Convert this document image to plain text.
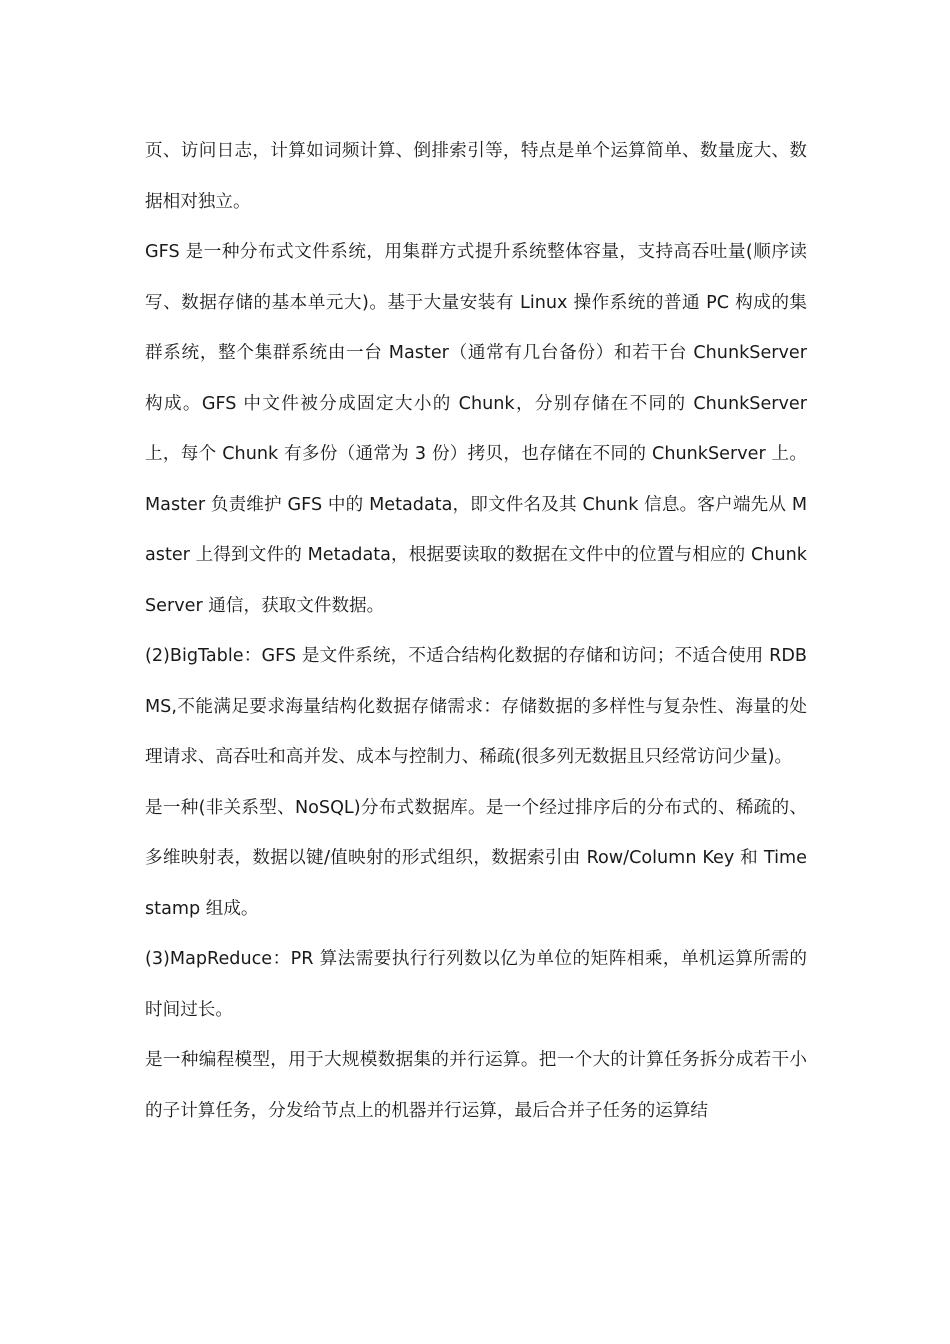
页、访问日志，计算如词频计算、倒排索引等，特点是单个运算简单、数量庞大、数据相对独立。

GFS 是一种分布式文件系统，用集群方式提升系统整体容量，支持高吞吐量(顺序读写、数据存储的基本单元大)。基于大量安装有 Linux 操作系统的普通 PC 构成的集群系统，整个集群系统由一台 Master（通常有几台备份）和若干台 ChunkServer 构成。GFS 中文件被分成固定大小的 Chunk，分别存储在不同的 ChunkServer 上，每个 Chunk 有多份（通常为 3 份）拷贝，也存储在不同的 ChunkServer 上。Master 负责维护 GFS 中的 Metadata，即文件名及其 Chunk 信息。客户端先从 Master 上得到文件的 Metadata，根据要读取的数据在文件中的位置与相应的 ChunkServer 通信，获取文件数据。

(2)BigTable：GFS 是文件系统，不适合结构化数据的存储和访问；不适合使用 RDBMS,不能满足要求海量结构化数据存储需求：存储数据的多样性与复杂性、海量的处理请求、高吞吐和高并发、成本与控制力、稀疏(很多列无数据且只经常访问少量)。

是一种(非关系型、NoSQL)分布式数据库。是一个经过排序后的分布式的、稀疏的、多维映射表，数据以键/值映射的形式组织，数据索引由 Row/Column Key 和 Timestamp 组成。

(3)MapReduce：PR 算法需要执行行列数以亿为单位的矩阵相乘，单机运算所需的时间过长。

是一种编程模型，用于大规模数据集的并行运算。把一个大的计算任务拆分成若干小的子计算任务，分发给节点上的机器并行运算，最后合并子任务的运算结
